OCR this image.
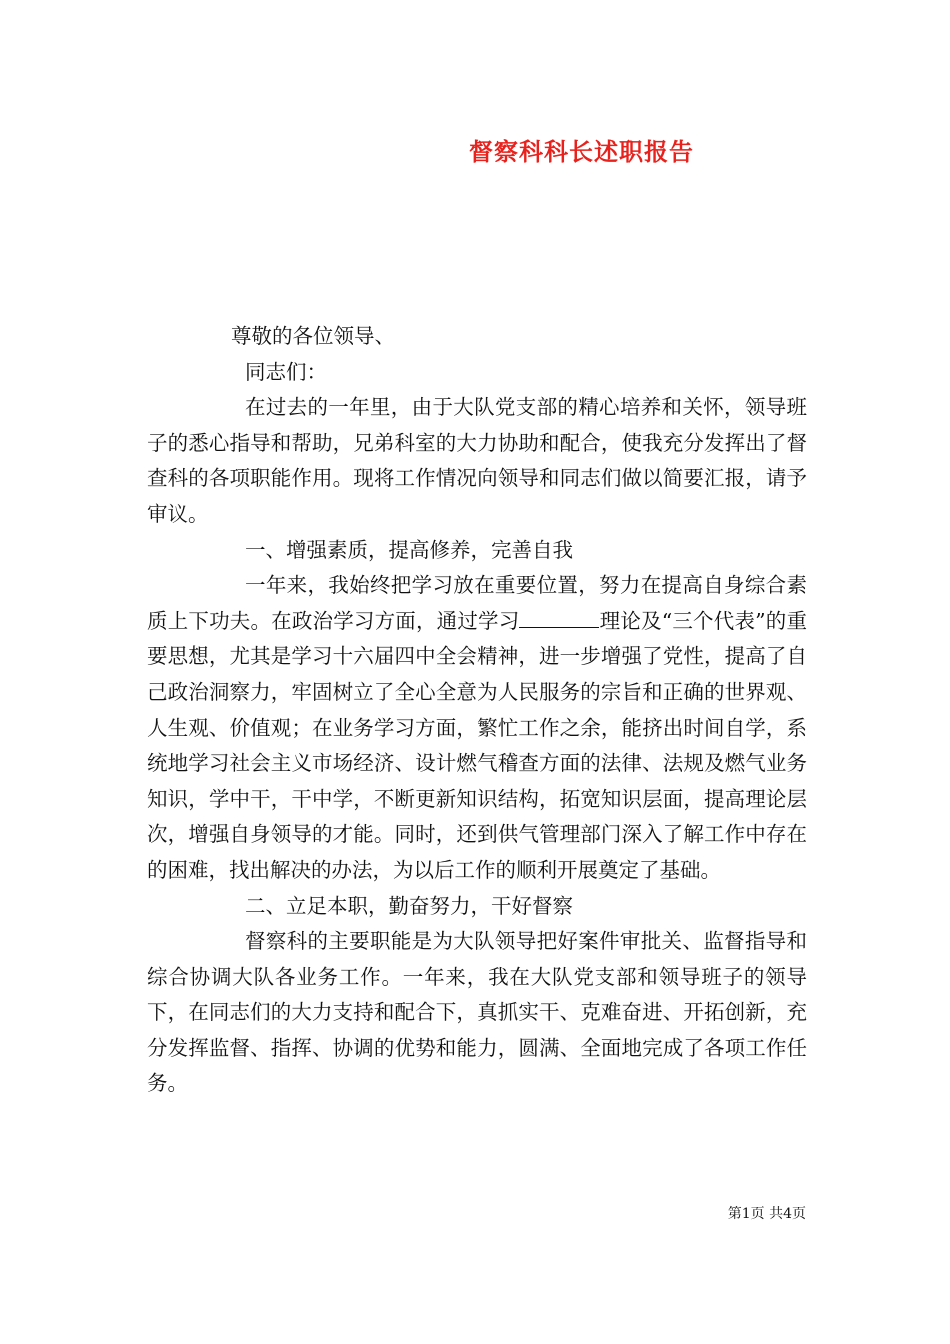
督察科科长述职报告

尊敬的各位领导、

同志们：

在过去的一年里，由于大队党支部的精心培养和关怀，领导班子的悉心指导和帮助，兄弟科室的大力协助和配合，使我充分发挥出了督查科的各项职能作用。现将工作情况向领导和同志们做以简要汇报，请予审议。

一、增强素质，提高修养，完善自我

一年来，我始终把学习放在重要位置，努力在提高自身综合素质上下功夫。在政治学习方面，通过学习	理论及“三个代表”的重要思想，尤其是学习十六届四中全会精神，进一步增强了党性，提高了自己政治洞察力，牢固树立了全心全意为人民服务的宗旨和正确的世界观、人生观、价值观；在业务学习方面，繁忙工作之余，能挤出时间自学，系统地学习社会主义市场经济、设计燃气稽查方面的法律、法规及燃气业务知识，学中干，干中学，不断更新知识结构，拓宽知识层面，提高理论层次，增强自身领导的才能。同时，还到供气管理部门深入了解工作中存在的困难，找出解决的办法，为以后工作的顺利开展奠定了基础。

二、立足本职，勤奋努力，干好督察

督察科的主要职能是为大队领导把好案件审批关、监督指导和综合协调大队各业务工作。一年来，我在大队党支部和领导班子的领导下，在同志们的大力支持和配合下，真抓实干、克难奋进、开拓创新，充分发挥监督、指挥、协调的优势和能力，圆满、全面地完成了各项工作任务。

第1页 共4页
